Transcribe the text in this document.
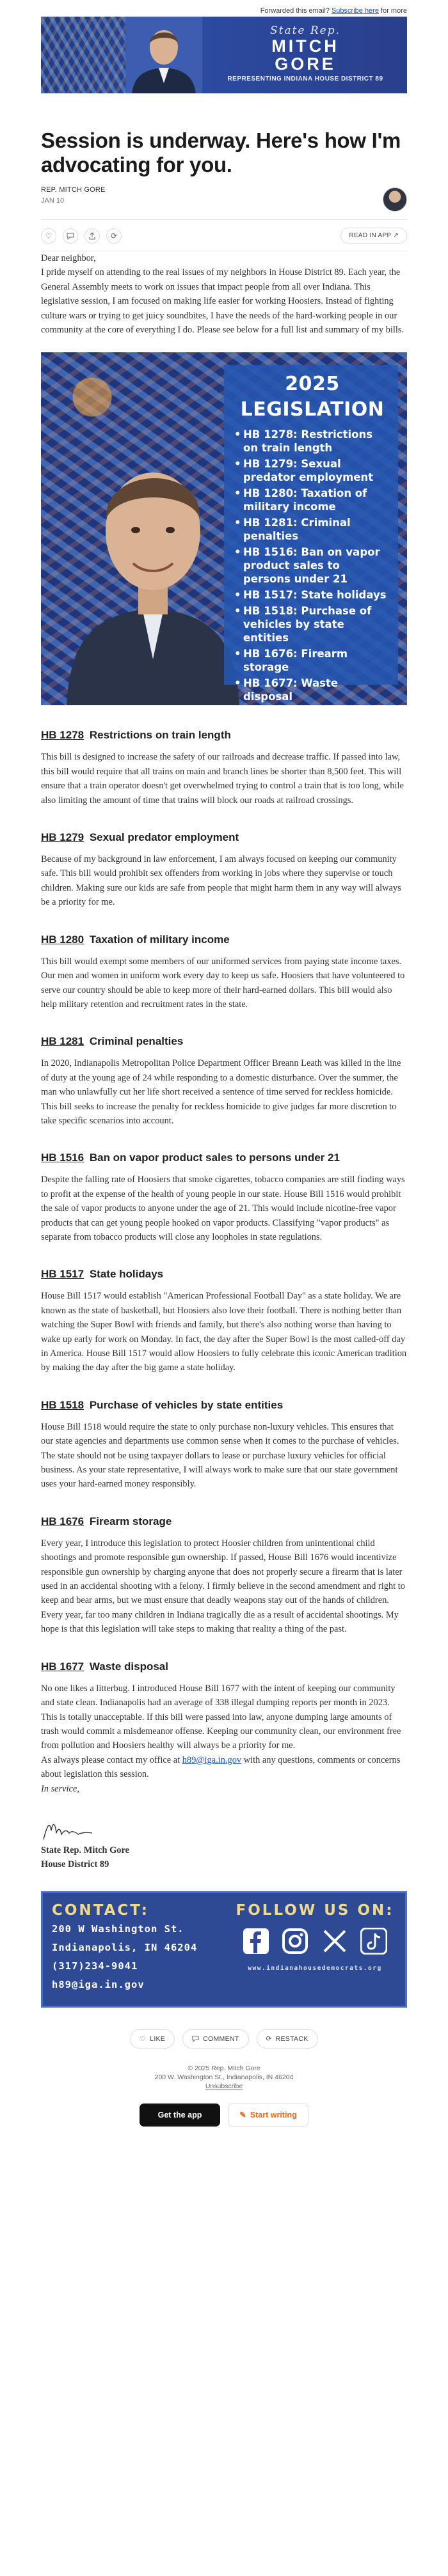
Forwarded this email? Subscribe here for more
State Rep.
MITCH
GORE
REPRESENTING INDIANA HOUSE DISTRICT 89
Session is underway. Here's how I'm advocating for you.
REP. MITCH GORE
JAN 10
♡	⟳	READ IN APP ↗

Dear neighbor,

I pride myself on attending to the real issues of my neighbors in House District 89. Each year, the General Assembly meets to work on issues that impact people from all over Indiana. This legislative session, I am focused on making life easier for working Hoosiers. Instead of fighting culture wars or trying to get juicy soundbites, I have the needs of the hard-working people in our community at the core of everything I do. Please see below for a full list and summary of my bills.

2025 LEGISLATION
• HB 1278: Restrictions on train length
• HB 1279: Sexual predator employment
• HB 1280: Taxation of military income
• HB 1281: Criminal penalties
• HB 1516: Ban on vapor product sales to persons under 21
• HB 1517: State holidays
• HB 1518: Purchase of vehicles by state entities
• HB 1676: Firearm storage
• HB 1677: Waste disposal
HB 1278 Restrictions on train length

This bill is designed to increase the safety of our railroads and decrease traffic. If passed into law, this bill would require that all trains on main and branch lines be shorter than 8,500 feet. This will ensure that a train operator doesn't get overwhelmed trying to control a train that is too long, while also limiting the amount of time that trains will block our roads at railroad crossings.

HB 1279 Sexual predator employment

Because of my background in law enforcement, I am always focused on keeping our community safe. This bill would prohibit sex offenders from working in jobs where they supervise or touch children. Making sure our kids are safe from people that might harm them in any way will always be a priority for me.

HB 1280 Taxation of military income

This bill would exempt some members of our uniformed services from paying state income taxes. Our men and women in uniform work every day to keep us safe. Hoosiers that have volunteered to serve our country should be able to keep more of their hard-earned dollars. This bill would also help military retention and recruitment rates in the state.

HB 1281 Criminal penalties

In 2020, Indianapolis Metropolitan Police Department Officer Breann Leath was killed in the line of duty at the young age of 24 while responding to a domestic disturbance. Over the summer, the man who unlawfully cut her life short received a sentence of time served for reckless homicide. This bill seeks to increase the penalty for reckless homicide to give judges far more discretion to take specific scenarios into account.

HB 1516 Ban on vapor product sales to persons under 21

Despite the falling rate of Hoosiers that smoke cigarettes, tobacco companies are still finding ways to profit at the expense of the health of young people in our state. House Bill 1516 would prohibit the sale of vapor products to anyone under the age of 21. This would include nicotine-free vapor products that can get young people hooked on vapor products. Classifying "vapor products" as separate from tobacco products will close any loopholes in state regulations.

HB 1517 State holidays

House Bill 1517 would establish "American Professional Football Day" as a state holiday. We are known as the state of basketball, but Hoosiers also love their football. There is nothing better than watching the Super Bowl with friends and family, but there's also nothing worse than having to wake up early for work on Monday. In fact, the day after the Super Bowl is the most called-off day in America. House Bill 1517 would allow Hoosiers to fully celebrate this iconic American tradition by making the day after the big game a state holiday.

HB 1518 Purchase of vehicles by state entities

House Bill 1518 would require the state to only purchase non-luxury vehicles. This ensures that our state agencies and departments use common sense when it comes to the purchase of vehicles. The state should not be using taxpayer dollars to lease or purchase luxury vehicles for official business. As your state representative, I will always work to make sure that our state government uses your hard-earned money responsibly.

HB 1676 Firearm storage

Every year, I introduce this legislation to protect Hoosier children from unintentional child shootings and promote responsible gun ownership. If passed, House Bill 1676 would incentivize responsible gun ownership by charging anyone that does not properly secure a firearm that is later used in an accidental shooting with a felony. I firmly believe in the second amendment and right to keep and bear arms, but we must ensure that deadly weapons stay out of the hands of children. Every year, far too many children in Indiana tragically die as a result of accidental shootings. My hope is that this legislation will take steps to making that reality a thing of the past.

HB 1677 Waste disposal

No one likes a litterbug. I introduced House Bill 1677 with the intent of keeping our community and state clean. Indianapolis had an average of 338 illegal dumping reports per month in 2023. This is totally unacceptable. If this bill were passed into law, anyone dumping large amounts of trash would commit a misdemeanor offense. Keeping our community clean, our environment free from pollution and Hoosiers healthy will always be a priority for me.

As always please contact my office at h89@iga.in.gov with any questions, comments or concerns about legislation this session.

In service,

Mitch

State Rep. Mitch Gore

House District 89

CONTACT:
200 W Washington St.
Indianapolis, IN 46204
(317)234-9041
h89@iga.in.gov
FOLLOW US ON:
www.indianahousedemocrats.org
♡ LIKE	COMMENT	⟳ RESTACK
© 2025 Rep. Mitch Gore
200 W. Washington St., Indianapolis, IN 46204
Unsubscribe
Get the app	✎ Start writing
